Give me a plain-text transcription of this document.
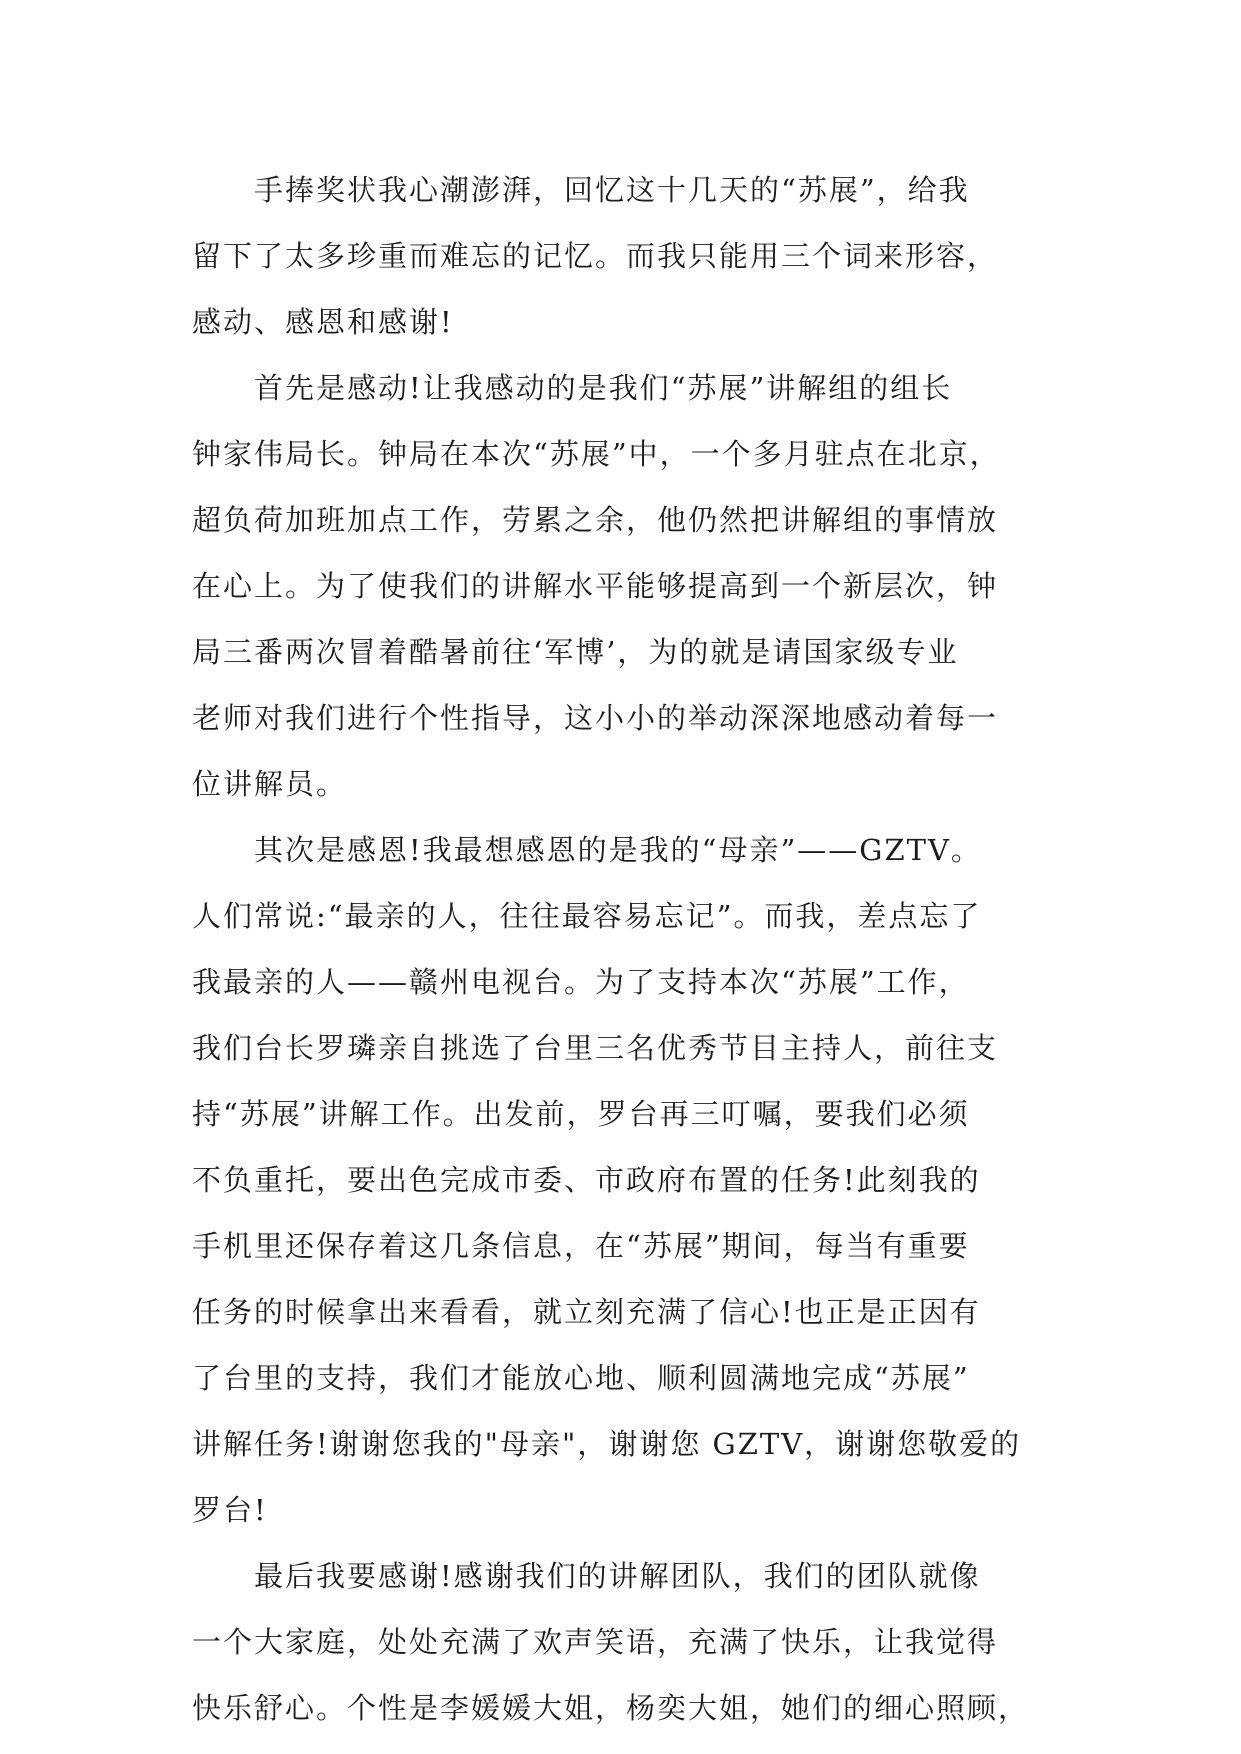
　　手捧奖状我心潮澎湃，回忆这十几天的“苏展”，给我
留下了太多珍重而难忘的记忆。而我只能用三个词来形容，
感动、感恩和感谢!
　　首先是感动!让我感动的是我们“苏展”讲解组的组长
钟家伟局长。钟局在本次“苏展”中，一个多月驻点在北京，
超负荷加班加点工作，劳累之余，他仍然把讲解组的事情放
在心上。为了使我们的讲解水平能够提高到一个新层次，钟
局三番两次冒着酷暑前往‘军博’，为的就是请国家级专业
老师对我们进行个性指导，这小小的举动深深地感动着每一
位讲解员。
　　其次是感恩!我最想感恩的是我的“母亲”——GZTV。
人们常说:“最亲的人，往往最容易忘记”。而我，差点忘了
我最亲的人——赣州电视台。为了支持本次“苏展”工作，
我们台长罗璘亲自挑选了台里三名优秀节目主持人，前往支
持“苏展”讲解工作。出发前，罗台再三叮嘱，要我们必须
不负重托，要出色完成市委、市政府布置的任务!此刻我的
手机里还保存着这几条信息，在“苏展”期间，每当有重要
任务的时候拿出来看看，就立刻充满了信心!也正是正因有
了台里的支持，我们才能放心地、顺利圆满地完成“苏展”
讲解任务!谢谢您我的"母亲"，谢谢您 GZTV，谢谢您敬爱的
罗台!
　　最后我要感谢!感谢我们的讲解团队，我们的团队就像
一个大家庭，处处充满了欢声笑语，充满了快乐，让我觉得
快乐舒心。个性是李媛媛大姐，杨奕大姐，她们的细心照顾，
